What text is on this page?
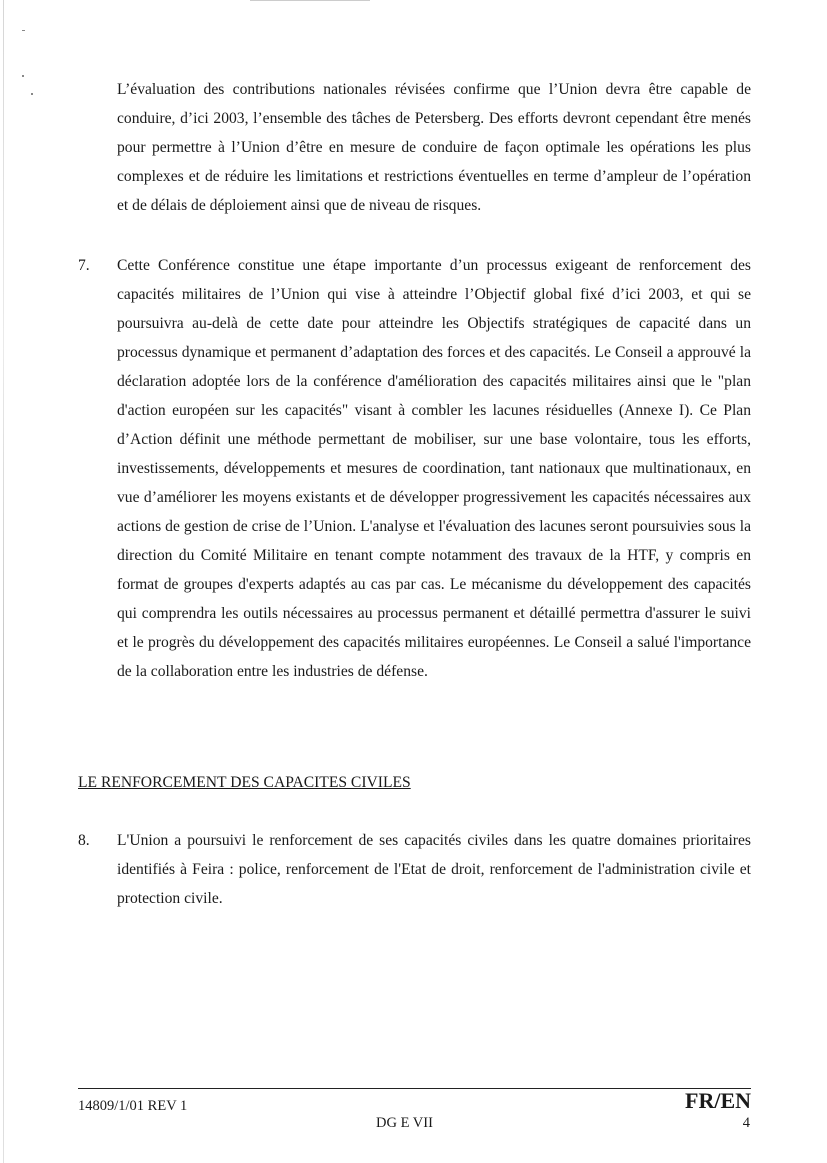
L’évaluation des contributions nationales révisées confirme que l’Union devra être capable de conduire, d’ici 2003, l’ensemble des tâches de Petersberg. Des efforts devront cependant être menés pour permettre à l’Union d’être en mesure de conduire de façon optimale les opérations les plus complexes et de réduire les limitations et restrictions éventuelles en terme d’ampleur de l’opération et de délais de déploiement ainsi que de niveau de risques.

7. Cette Conférence constitue une étape importante d’un processus exigeant de renforcement des capacités militaires de l’Union qui vise à atteindre l’Objectif global fixé d’ici 2003, et qui se poursuivra au-delà de cette date pour atteindre les Objectifs stratégiques de capacité dans un processus dynamique et permanent d’adaptation des forces et des capacités. Le Conseil a approuvé la déclaration adoptée lors de la conférence d'amélioration des capacités militaires ainsi que le "plan d'action européen sur les capacités" visant à combler les lacunes résiduelles (Annexe I). Ce Plan d’Action définit une méthode permettant de mobiliser, sur une base volontaire, tous les efforts, investissements, développements et mesures de coordination, tant nationaux que multinationaux, en vue d’améliorer les moyens existants et de développer progressivement les capacités nécessaires aux actions de gestion de crise de l’Union. L'analyse et l'évaluation des lacunes seront poursuivies sous la direction du Comité Militaire en tenant compte notamment des travaux de la HTF, y compris en format de groupes d'experts adaptés au cas par cas. Le mécanisme du développement des capacités qui comprendra les outils nécessaires au processus permanent et détaillé permettra d'assurer le suivi et le progrès du développement des capacités militaires européennes. Le Conseil a salué l'importance de la collaboration entre les industries de défense.

LE RENFORCEMENT DES CAPACITES CIVILES

8. L'Union a poursuivi le renforcement de ses capacités civiles dans les quatre domaines prioritaires identifiés à Feira : police, renforcement de l'Etat de droit, renforcement de l'administration civile et protection civile.

14809/1/01 REV 1	FR/EN

DG E VII	4
